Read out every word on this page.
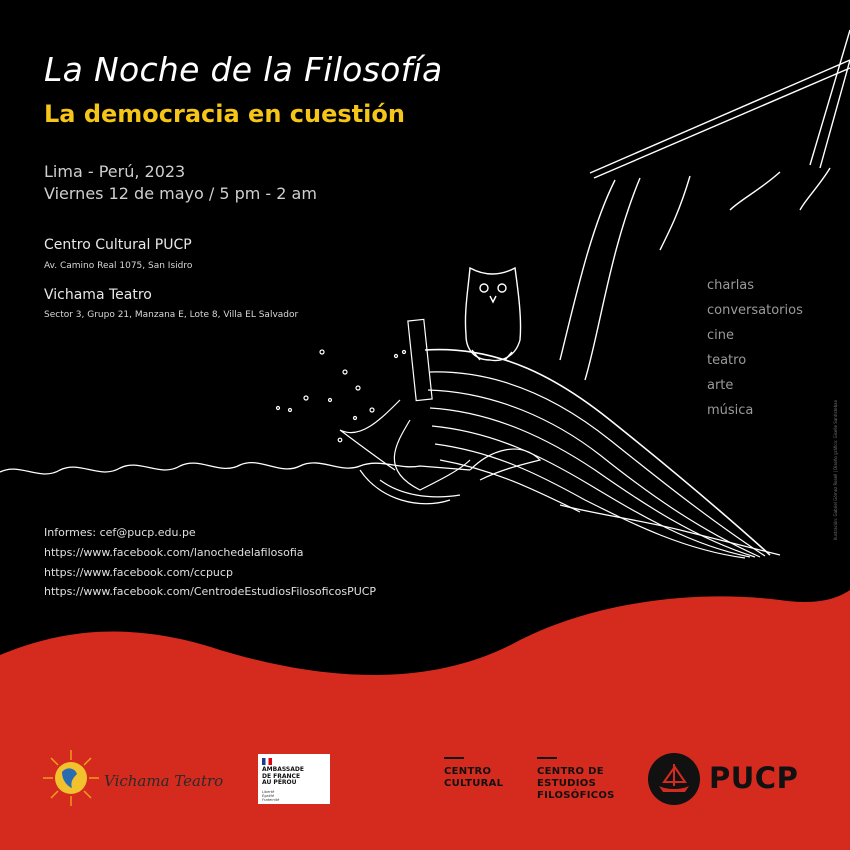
La Noche de la Filosofía
La democracia en cuestión
Lima - Perú, 2023
Viernes 12 de mayo / 5 pm - 2 am
Centro Cultural PUCP
Av. Camino Real 1075, San Isidro
Vichama Teatro
Sector 3, Grupo 21, Manzana E, Lote 8, Villa EL Salvador
charlas
conversatorios
cine
teatro
arte
música
Informes: cef@pucp.edu.pe
https://www.facebook.com/lanochedelafilosofia
https://www.facebook.com/ccpucp
https://www.facebook.com/CentrodeEstudiosFilosoficosPUCP
Ilustración: Gabriel Gómez Rosell | Diseño gráfico: Giselle Santisteban
Vichama Teatro
AMBASSADE
DE FRANCE
AU PÉROU
Liberté
Égalité
Fraternité
CENTRO
CULTURAL
CENTRO DE
ESTUDIOS
FILOSÓFICOS
PUCP
